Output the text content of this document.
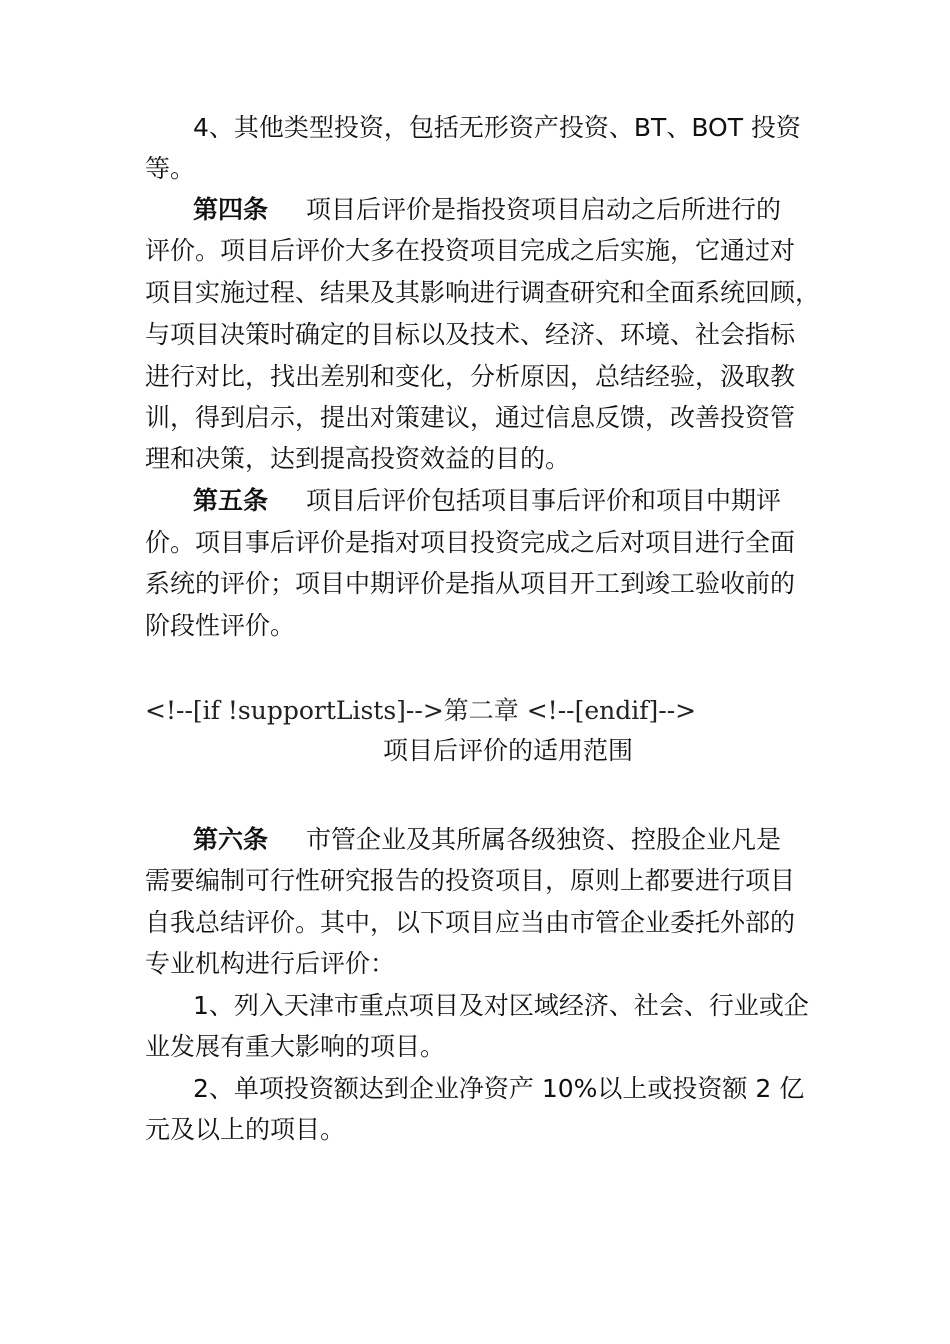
4、其他类型投资，包括无形资产投资、BT、BOT 投资

等。

第四条 项目后评价是指投资项目启动之后所进行的

评价。项目后评价大多在投资项目完成之后实施，它通过对

项目实施过程、结果及其影响进行调查研究和全面系统回顾，

与项目决策时确定的目标以及技术、经济、环境、社会指标

进行对比，找出差别和变化，分析原因，总结经验，汲取教

训，得到启示，提出对策建议，通过信息反馈，改善投资管

理和决策，达到提高投资效益的目的。

第五条 项目后评价包括项目事后评价和项目中期评

价。项目事后评价是指对项目投资完成之后对项目进行全面

系统的评价；项目中期评价是指从项目开工到竣工验收前的

阶段性评价。

<!--[if !supportLists]-->第二章 <!--[endif]-->
项目后评价的适用范围

第六条 市管企业及其所属各级独资、控股企业凡是

需要编制可行性研究报告的投资项目，原则上都要进行项目

自我总结评价。其中，以下项目应当由市管企业委托外部的

专业机构进行后评价：

1、列入天津市重点项目及对区域经济、社会、行业或企

业发展有重大影响的项目。

2、单项投资额达到企业净资产 10%以上或投资额 2 亿

元及以上的项目。
